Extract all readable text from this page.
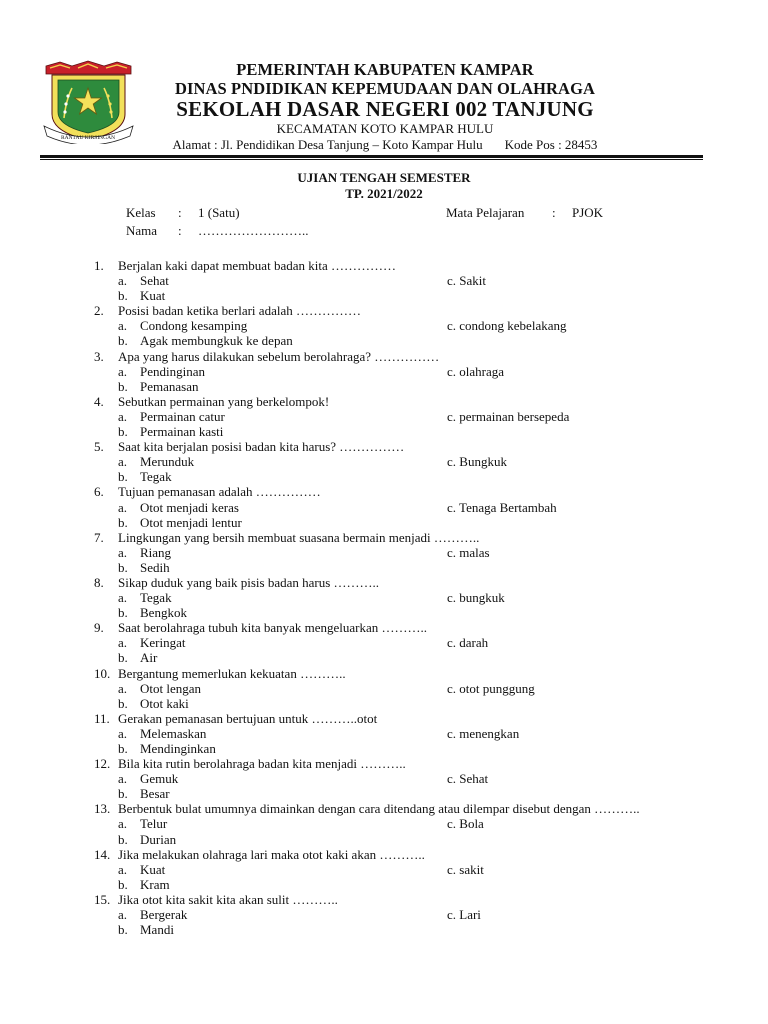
RANTAU KIRSINGAN
PEMERINTAH KABUPATEN KAMPAR
DINAS PNDIDIKAN KEPEMUDAAN DAN OLAHRAGA
SEKOLAH DASAR NEGERI 002 TANJUNG
KECAMATAN KOTO KAMPAR HULU
Alamat : Jl. Pendidikan Desa Tanjung – Koto Kampar Hulu Kode Pos : 28453
UJIAN TENGAH SEMESTER
TP. 2021/2022
Kelas : 1 (Satu)	Mata Pelajaran : PJOK
Nama : ……………………..
1.	Berjalan kaki dapat membuat badan kita ……………
a. Sehat	c. Sakit
b. Kuat
2.	Posisi badan ketika berlari adalah ……………
a. Condong kesamping	c. condong kebelakang
b. Agak membungkuk ke depan
3.	Apa yang harus dilakukan sebelum berolahraga? ……………
a. Pendinginan	c. olahraga
b. Pemanasan
4.	Sebutkan permainan yang berkelompok!
a. Permainan catur	c. permainan bersepeda
b. Permainan kasti
5.	Saat kita berjalan posisi badan kita harus? ……………
a. Merunduk	c. Bungkuk
b. Tegak
6.	Tujuan pemanasan adalah ……………
a. Otot menjadi keras	c. Tenaga Bertambah
b. Otot menjadi lentur
7.	Lingkungan yang bersih membuat suasana bermain menjadi ………..
a. Riang	c. malas
b. Sedih
8.	Sikap duduk yang baik pisis badan harus ………..
a. Tegak	c. bungkuk
b. Bengkok
9.	Saat berolahraga tubuh kita banyak mengeluarkan ………..
a. Keringat	c. darah
b. Air
10. Bergantung memerlukan kekuatan ………..
a. Otot lengan	c. otot punggung
b. Otot kaki
11. Gerakan pemanasan bertujuan untuk ………..otot
a. Melemaskan	c. menengkan
b. Mendinginkan
12. Bila kita rutin berolahraga badan kita menjadi ………..
a. Gemuk	c. Sehat
b. Besar
13. Berbentuk bulat umumnya dimainkan dengan cara ditendang atau dilempar disebut dengan ………..
a. Telur	c. Bola
b. Durian
14. Jika melakukan olahraga lari maka otot kaki akan ………..
a. Kuat	c. sakit
b. Kram
15. Jika otot kita sakit kita akan sulit ………..
a. Bergerak	c. Lari
b. Mandi
